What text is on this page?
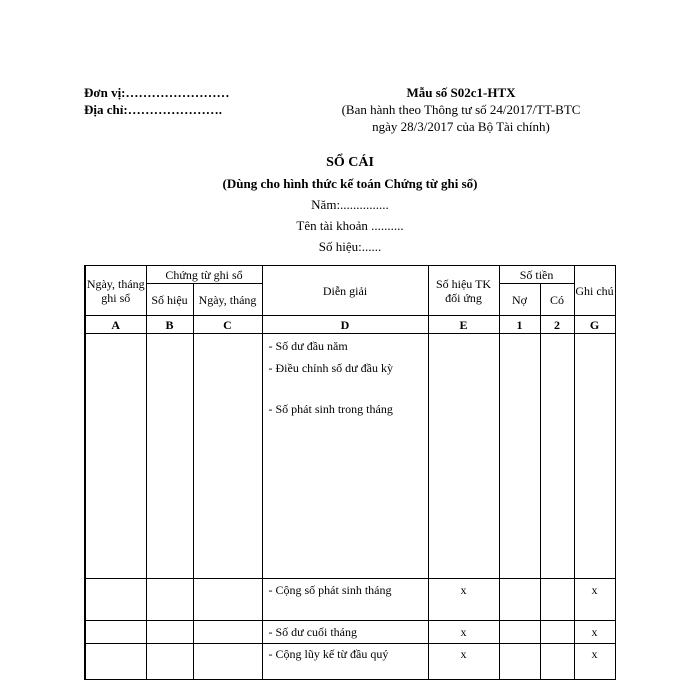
Đơn vị:……………………
Địa chỉ:………………….
Mẫu số S02c1-HTX
(Ban hành theo Thông tư số 24/2017/TT-BTC
ngày 28/3/2017 của Bộ Tài chính)
SỔ CÁI
(Dùng cho hình thức kế toán Chứng từ ghi sổ)
Năm:...............
Tên tài khoản ..........
Số hiệu:......
Ngày, tháng ghi sổ	Chứng từ ghi sổ		Diễn giải	Số hiệu TK đối ứng	Số tiền		Ghi chú
	Số hiệu	Ngày, tháng			Nợ	Có	
A	B	C	D	E	1	2	G

			- Số dư đầu năm
- Điều chỉnh số dư đầu kỳ
- Số phát sinh trong tháng				

			- Cộng số phát sinh tháng	x			x
			- Số dư cuối tháng	x			x
			- Cộng lũy kế từ đầu quý	x			x
